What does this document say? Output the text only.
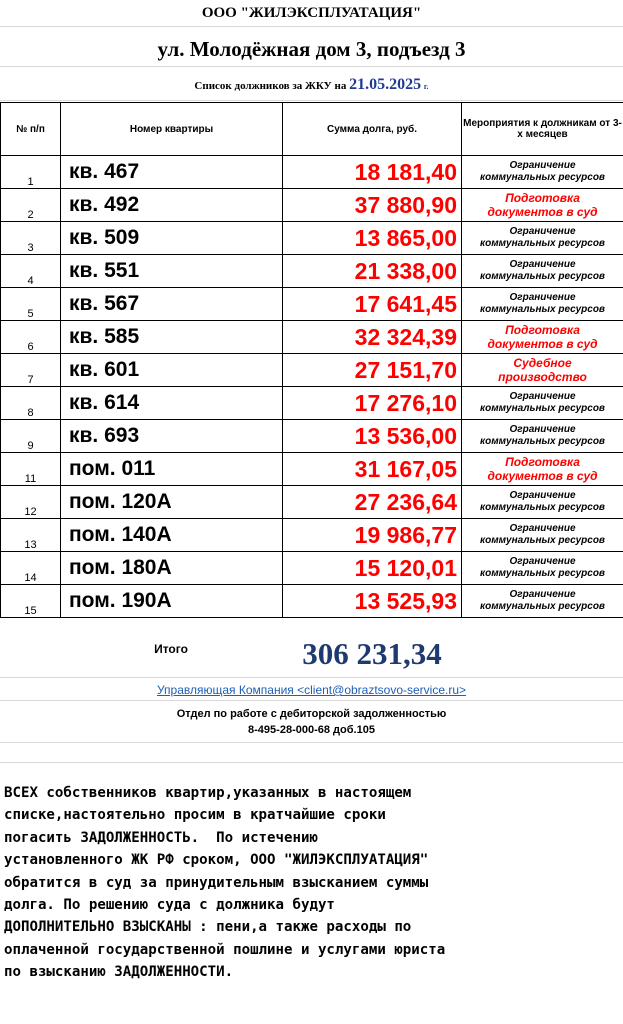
ООО "ЖИЛЭКСПЛУАТАЦИЯ"
ул. Молодёжная дом 3, подъезд 3
Список должников за ЖКУ на 21.05.2025 г.
№ п/п	Номер квартиры	Сумма долга, руб.	Мероприятия к должникам от 3-х месяцев
1	кв. 467	18 181,40	Ограничение
коммунальных ресурсов

2	кв. 492	37 880,90	Подготовка
документов в суд

3	кв. 509	13 865,00	Ограничение
коммунальных ресурсов

4	кв. 551	21 338,00	Ограничение
коммунальных ресурсов

5	кв. 567	17 641,45	Ограничение
коммунальных ресурсов

6	кв. 585	32 324,39	Подготовка
документов в суд

7	кв. 601	27 151,70	Судебное
производство

8	кв. 614	17 276,10	Ограничение
коммунальных ресурсов

9	кв. 693	13 536,00	Ограничение
коммунальных ресурсов

11	пом. 011	31 167,05	Подготовка
документов в суд

12	пом. 120А	27 236,64	Ограничение
коммунальных ресурсов

13	пом. 140А	19 986,77	Ограничение
коммунальных ресурсов

14	пом. 180А	15 120,01	Ограничение
коммунальных ресурсов

15	пом. 190А	13 525,93	Ограничение
коммунальных ресурсов
Итого	306 231,34
Управляющая Компания <client@obraztsovo-service.ru>
Отдел по работе с дебиторской задолженностью
8-495-28-000-68 доб.105
ВСЕХ собственников квартир,указанных в настоящем
списке,настоятельно просим в кратчайшие сроки
погасить ЗАДОЛЖЕННОСТЬ.  По истечению
установленного ЖК РФ сроком, ООО "ЖИЛЭКСПЛУАТАЦИЯ"
обратится в суд за принудительным взысканием суммы
долга. По решению суда с должника будут
ДОПОЛНИТЕЛЬНО ВЗЫСКАНЫ : пени,а также расходы по
оплаченной государственной пошлине и услугами юриста
по взысканию ЗАДОЛЖЕННОСТИ.
